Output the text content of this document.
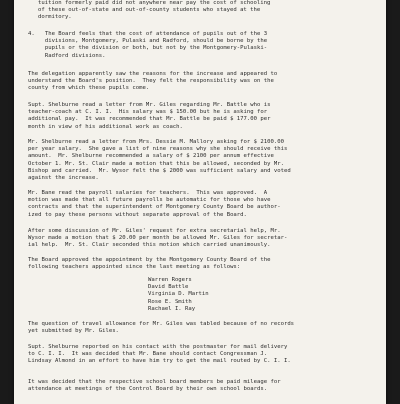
tuition formerly paid did not anywhere near pay the cost of schooling
of these out-of-state and out-of-county students who stayed at the
dormitory.
4.   The Board feels that the cost of attendance of pupils out of the 3
divisions, Montgomery, Pulaski and Radford, should be borne by the
pupils or the division or both, but not by the Montgomery-Pulaski-
Radford divisions.
The delegation apparently saw the reasons for the increase and appeared to
understand the Board's position.  They felt the responsibility was on the
county from which these pupils come.
Supt. Shelburne read a letter from Mr. Giles regarding Mr. Battle who is
teacher-coach at C. I. I.  His salary was $ 150.00 but he is asking for
additional pay.  It was recommended that Mr. Battle be paid $ 177.00 per
month in view of his additional work as coach.
Mr. Shelburne read a letter from Mrs. Dessie M. Mallory asking for $ 2100.00
per year salary.  She gave a list of nine reasons why she should receive this
amount.  Mr. Shelburne recommended a salary of $ 2100 per annum effective
October 1. Mr. St. Clair made a motion that this be allowed, seconded by Mr.
Bishop and carried.  Mr. Wysor felt the $ 2000 was sufficient salary and voted
against the increase.
Mr. Bane read the payroll salaries for teachers.  This was approved.  A
motion was made that all future payrolls be automatic for those who have
contracts and that the superintendent of Montgomery County Board be author-
ized to pay these persons without separate approval of the Board.
After some discussion of Mr. Giles' request for extra secretarial help, Mr.
Wysor made a motion that $ 20.00 per month be allowed Mr. Giles for secretar-
ial help.  Mr. St. Clair seconded this motion which carried unanimously.
The Board approved the appointment by the Montgomery County Board of the
following teachers appointed since the last meeting as follows:
Warren Rogers
David Battle
Virginia D. Martin
Rose E. Smith
Rachael I. Ray
The question of travel allowance for Mr. Giles was tabled because of no records
yet submitted by Mr. Giles.
Supt. Shelburne reported on his contact with the postmaster for mail delivery
to C. I. I.  It was decided that Mr. Bane should contact Congressman J.
Lindsay Almond in an effort to have him try to get the mail routed by C. I. I.
It was decided that the respective school board members be paid mileage for
attendance at meetings of the Control Board by their own school boards.
